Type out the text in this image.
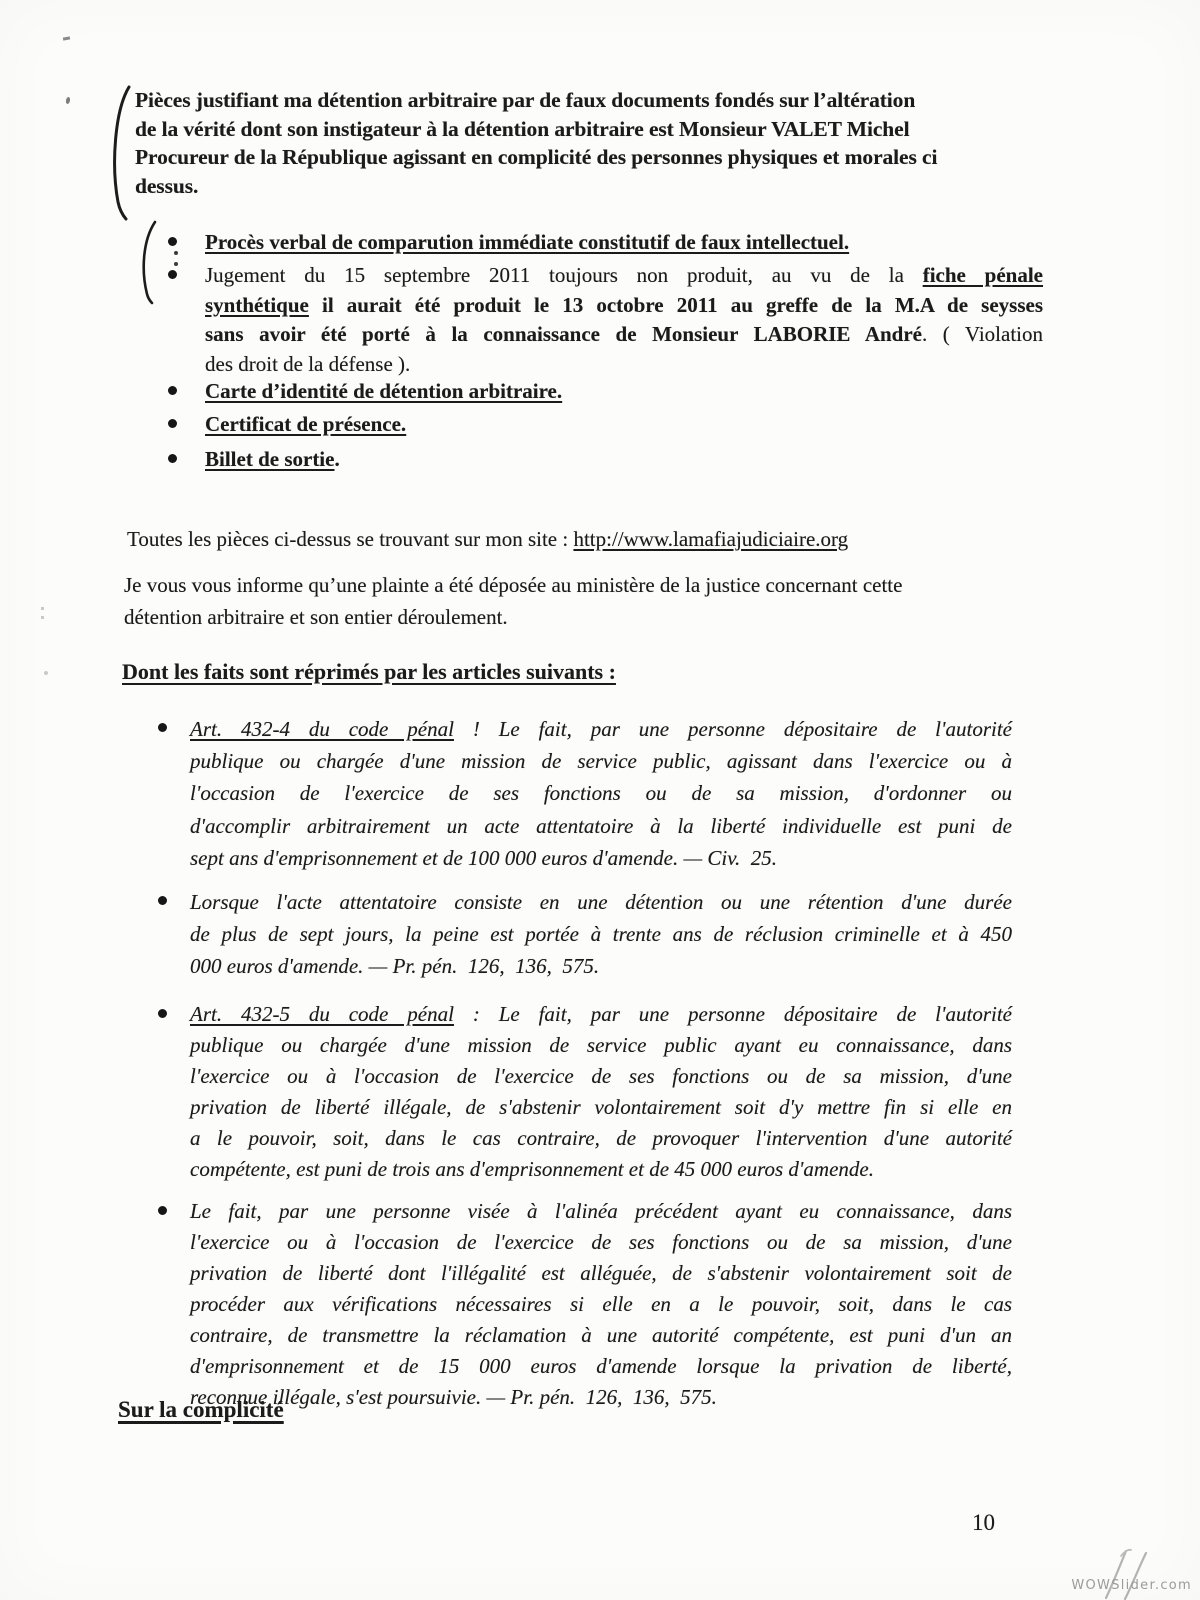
Pièces justifiant ma détention arbitraire par de faux documents fondés sur l’altération
de la vérité dont son instigateur à la détention arbitraire est Monsieur VALET Michel
Procureur de la République agissant en complicité des personnes physiques et morales ci
dessus.
Procès verbal de comparution immédiate constitutif de faux intellectuel.
Jugement du 15 septembre 2011 toujours non produit, au vu de la fiche pénale
synthétique il aurait été produit le 13 octobre 2011 au greffe de la M.A de seysses
sans avoir été porté à la connaissance de Monsieur LABORIE André. ( Violation
des droit de la défense ).
Carte d’identité de détention arbitraire.
Certificat de présence.
Billet de sortie.
Toutes les pièces ci-dessus se trouvant sur mon site : http://www.lamafiajudiciaire.org
Je vous vous informe qu’une plainte a été déposée au ministère de la justice concernant cette
détention arbitraire et son entier déroulement.
Dont les faits sont réprimés par les articles suivants :
Art. 432-4 du code pénal ! Le fait, par une personne dépositaire de l'autorité
publique ou chargée d'une mission de service public, agissant dans l'exercice ou à
l'occasion de l'exercice de ses fonctions ou de sa mission, d'ordonner ou
d'accomplir arbitrairement un acte attentatoire à la liberté individuelle est puni de
sept ans d'emprisonnement et de 100 000 euros d'amende. — Civ.  25.
Lorsque l'acte attentatoire consiste en une détention ou une rétention d'une durée
de plus de sept jours, la peine est portée à trente ans de réclusion criminelle et à 450
000 euros d'amende. — Pr. pén.  126,  136,  575.
Art. 432-5 du code pénal : Le fait, par une personne dépositaire de l'autorité
publique ou chargée d'une mission de service public ayant eu connaissance, dans
l'exercice ou à l'occasion de l'exercice de ses fonctions ou de sa mission, d'une
privation de liberté illégale, de s'abstenir volontairement soit d'y mettre fin si elle en
a le pouvoir, soit, dans le cas contraire, de provoquer l'intervention d'une autorité
compétente, est puni de trois ans d'emprisonnement et de 45 000 euros d'amende.
Le fait, par une personne visée à l'alinéa précédent ayant eu connaissance, dans
l'exercice ou à l'occasion de l'exercice de ses fonctions ou de sa mission, d'une
privation de liberté dont l'illégalité est alléguée, de s'abstenir volontairement soit de
procéder aux vérifications nécessaires si elle en a le pouvoir, soit, dans le cas
contraire, de transmettre la réclamation à une autorité compétente, est puni d'un an
d'emprisonnement et de 15 000 euros d'amende lorsque la privation de liberté,
reconnue illégale, s'est poursuivie. — Pr. pén.  126,  136,  575.
Sur la complicité
10
WOWSlider.com
